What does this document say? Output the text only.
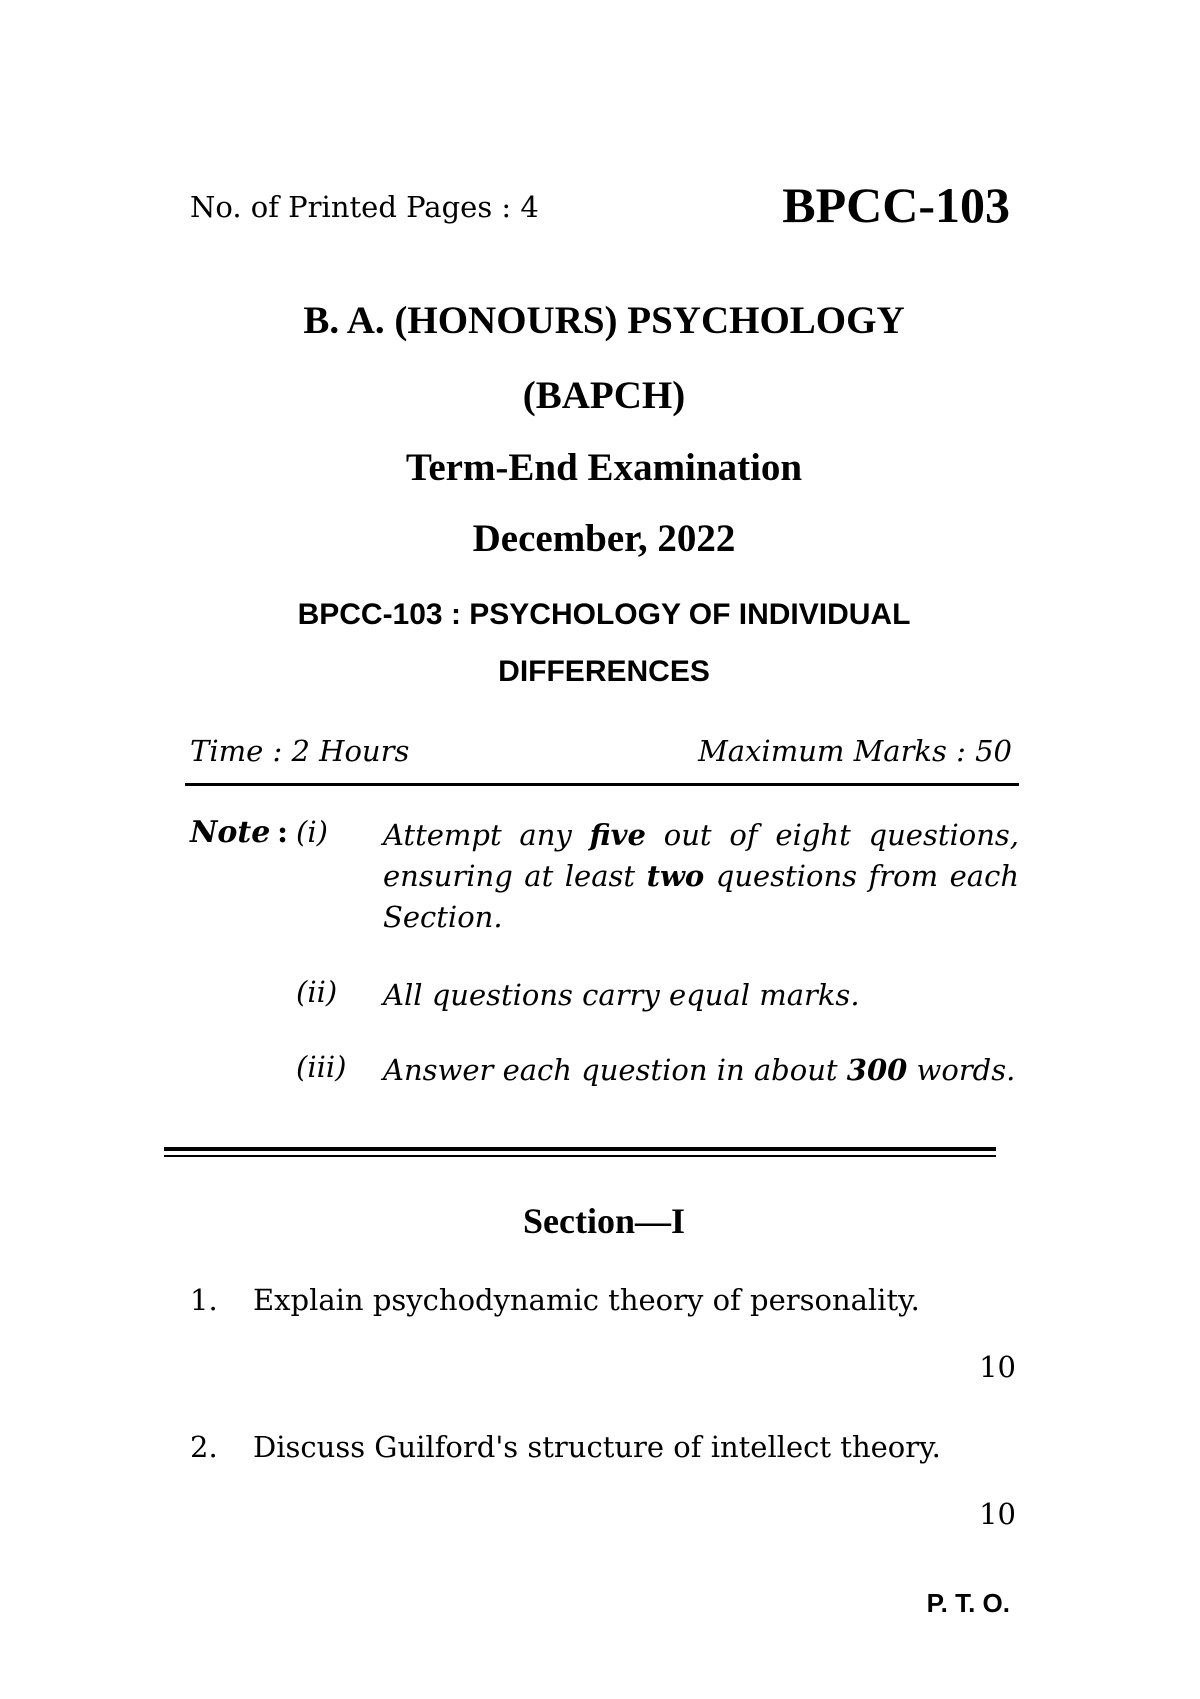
No. of Printed Pages : 4	BPCC-103
B. A. (HONOURS) PSYCHOLOGY
(BAPCH)
Term-End Examination
December, 2022
BPCC-103 : PSYCHOLOGY OF INDIVIDUAL
DIFFERENCES
Time : 2 Hours	Maximum Marks : 50
Note : (i) Attempt any five out of eight questions, ensuring at least two questions from each Section.
(ii) All questions carry equal marks.
(iii) Answer each question in about 300 words.
Section—I
1. Explain psychodynamic theory of personality.
10
2. Discuss Guilford's structure of intellect theory.
10
P. T. O.
